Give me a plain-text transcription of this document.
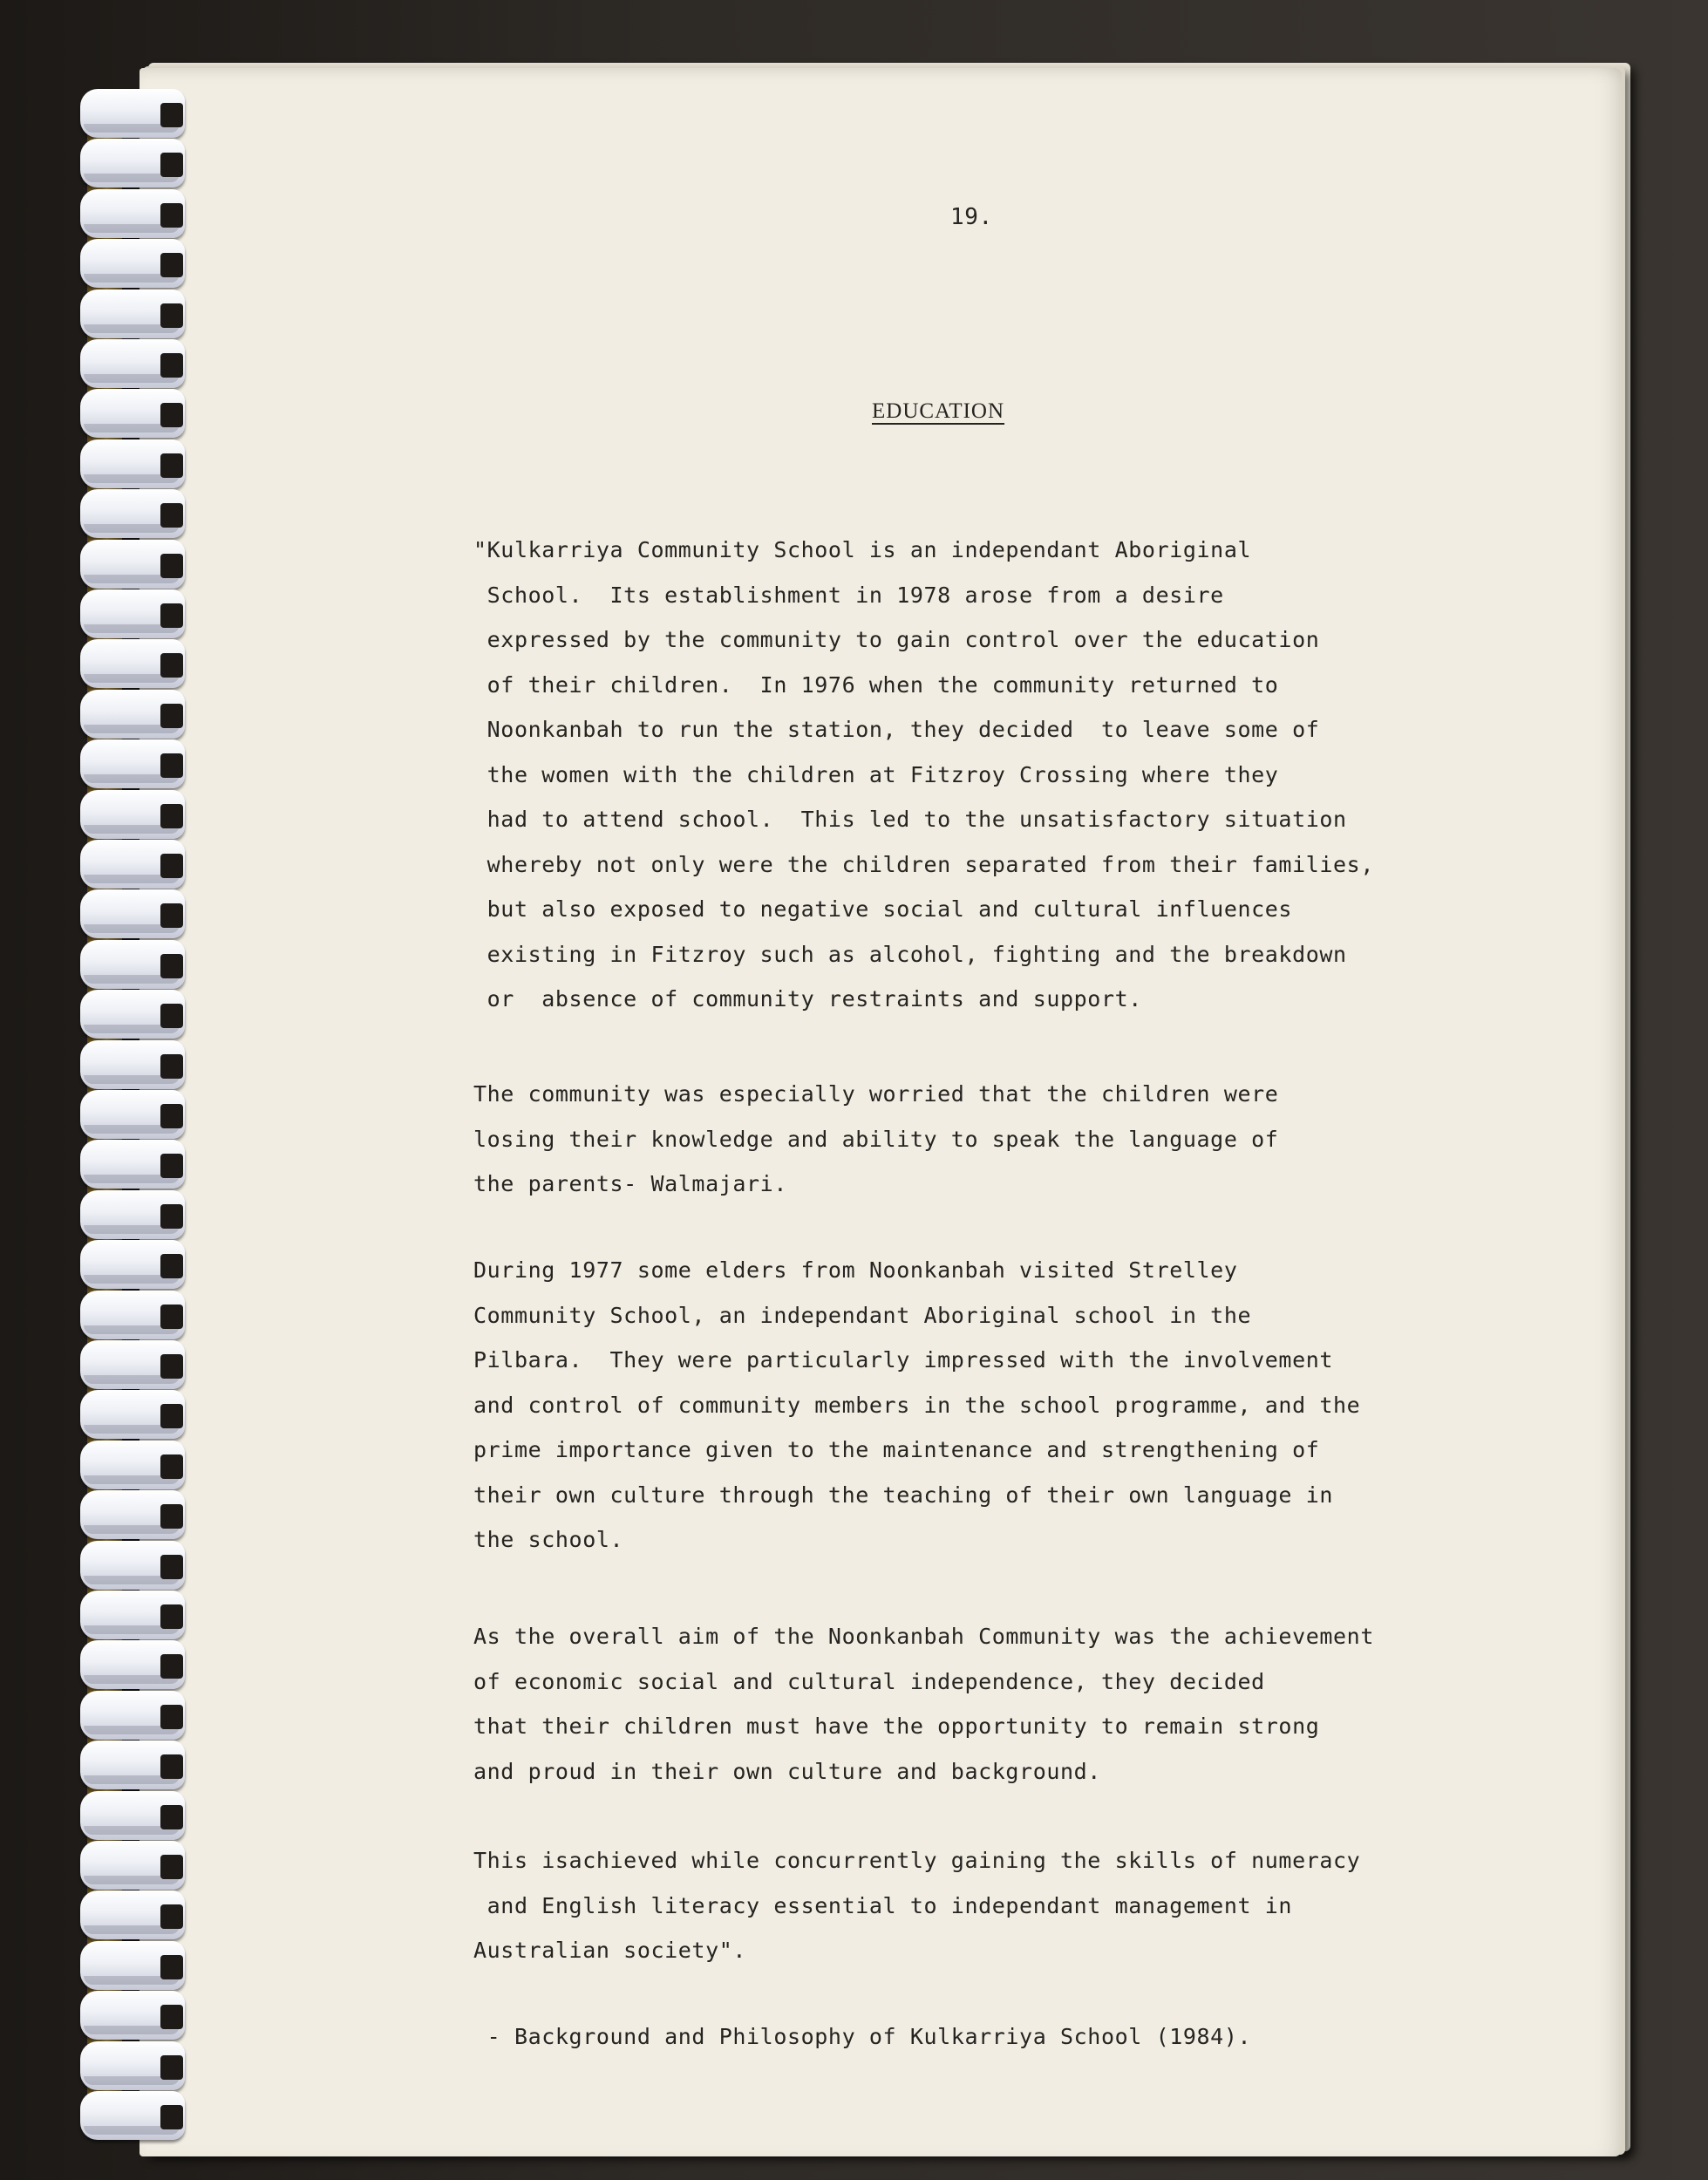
19.
EDUCATION
"Kulkarriya Community School is an independant Aboriginal
School.  Its establishment in 1978 arose from a desire
expressed by the community to gain control over the education
of their children.  In 1976 when the community returned to
Noonkanbah to run the station, they decided  to leave some of
the women with the children at Fitzroy Crossing where they
had to attend school.  This led to the unsatisfactory situation
whereby not only were the children separated from their families,
but also exposed to negative social and cultural influences
existing in Fitzroy such as alcohol, fighting and the breakdown
or  absence of community restraints and support.
The community was especially worried that the children were
losing their knowledge and ability to speak the language of
the parents- Walmajari.
During 1977 some elders from Noonkanbah visited Strelley
Community School, an independant Aboriginal school in the
Pilbara.  They were particularly impressed with the involvement
and control of community members in the school programme, and the
prime importance given to the maintenance and strengthening of
their own culture through the teaching of their own language in
the school.
As the overall aim of the Noonkanbah Community was the achievement
of economic social and cultural independence, they decided
that their children must have the opportunity to remain strong
and proud in their own culture and background.
This isachieved while concurrently gaining the skills of numeracy
and English literacy essential to independant management in
Australian society".
- Background and Philosophy of Kulkarriya School (1984).
